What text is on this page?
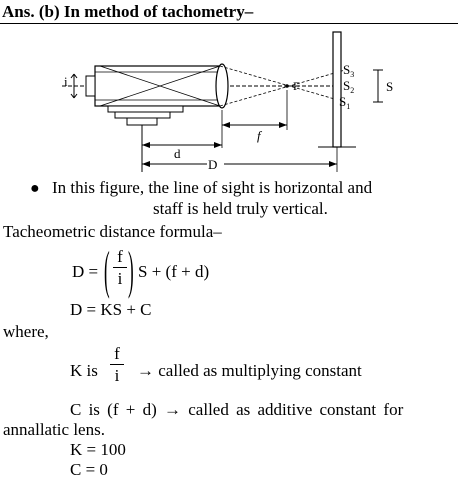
Ans. (b) In method of tachometry–
i	F
$S_3$
$S_2$
$S_1$
S
f
d
D
● In this figure, the line of sight is horizontal and
staff is held truly vertical.
Tacheometric distance formula–
D = ( f
i ) S + (f + d)
D = KS + C
where,
K is
f
i → called as multiplying constant
C is (f + d) → called as additive constant for
annallatic lens.
K = 100
C = 0
